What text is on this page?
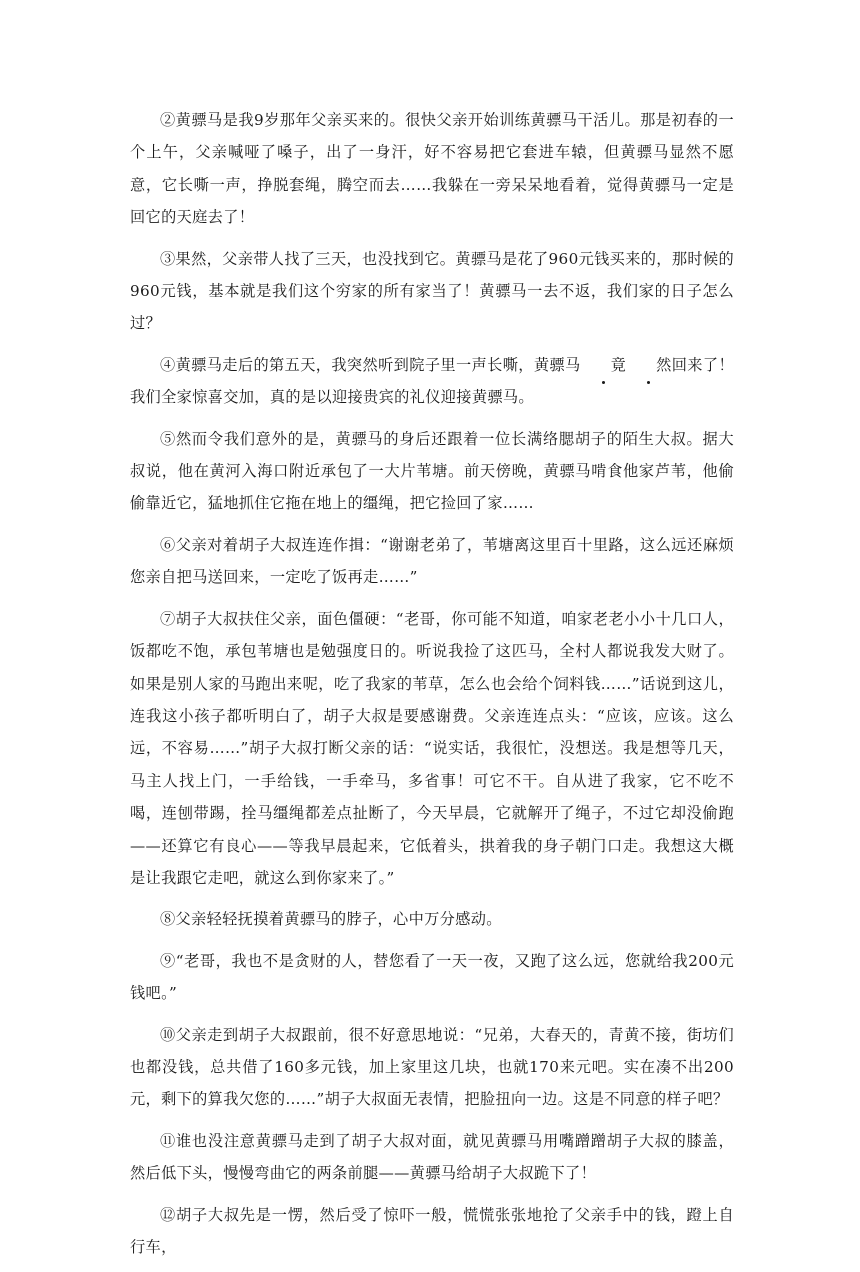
②黄骠马是我9岁那年父亲买来的。很快父亲开始训练黄骠马干活儿。那是初春的一个上午，父亲喊哑了嗓子，出了一身汗，好不容易把它套进车辕，但黄骠马显然不愿意，它长嘶一声，挣脱套绳，腾空而去……我躲在一旁呆呆地看着，觉得黄骠马一定是回它的天庭去了！

③果然，父亲带人找了三天，也没找到它。黄骠马是花了960元钱买来的，那时候的960元钱，基本就是我们这个穷家的所有家当了！黄骠马一去不返，我们家的日子怎么过？

④黄骠马走后的第五天，我突然听到院子里一声长嘶，黄骠马 竟 然回来了！我们全家惊喜交加，真的是以迎接贵宾的礼仪迎接黄骠马。

⑤然而令我们意外的是，黄骠马的身后还跟着一位长满络腮胡子的陌生大叔。据大叔说，他在黄河入海口附近承包了一大片苇塘。前天傍晚，黄骠马啃食他家芦苇，他偷偷靠近它，猛地抓住它拖在地上的缰绳，把它捡回了家……

⑥父亲对着胡子大叔连连作揖：“谢谢老弟了，苇塘离这里百十里路，这么远还麻烦您亲自把马送回来，一定吃了饭再走……”

⑦胡子大叔扶住父亲，面色僵硬：“老哥，你可能不知道，咱家老老小小十几口人，饭都吃不饱，承包苇塘也是勉强度日的。听说我捡了这匹马，全村人都说我发大财了。如果是别人家的马跑出来呢，吃了我家的苇草，怎么也会给个饲料钱……”话说到这儿，连我这小孩子都听明白了，胡子大叔是要感谢费。父亲连连点头：“应该，应该。这么远，不容易……”胡子大叔打断父亲的话：“说实话，我很忙，没想送。我是想等几天，马主人找上门，一手给钱，一手牵马，多省事！可它不干。自从进了我家，它不吃不喝，连刨带踢，拴马缰绳都差点扯断了，今天早晨，它就解开了绳子，不过它却没偷跑——还算它有良心——等我早晨起来，它低着头，拱着我的身子朝门口走。我想这大概是让我跟它走吧，就这么到你家来了。”

⑧父亲轻轻抚摸着黄骠马的脖子，心中万分感动。

⑨“老哥，我也不是贪财的人，替您看了一天一夜，又跑了这么远，您就给我200元钱吧。”

⑩父亲走到胡子大叔跟前，很不好意思地说：“兄弟，大春天的，青黄不接，街坊们也都没钱，总共借了160多元钱，加上家里这几块，也就170来元吧。实在凑不出200元，剩下的算我欠您的……”胡子大叔面无表情，把脸扭向一边。这是不同意的样子吧？

⑪谁也没注意黄骠马走到了胡子大叔对面，就见黄骠马用嘴蹭蹭胡子大叔的膝盖，然后低下头，慢慢弯曲它的两条前腿——黄骠马给胡子大叔跪下了！

⑫胡子大叔先是一愣，然后受了惊吓一般，慌慌张张地抢了父亲手中的钱，蹬上自行车，
